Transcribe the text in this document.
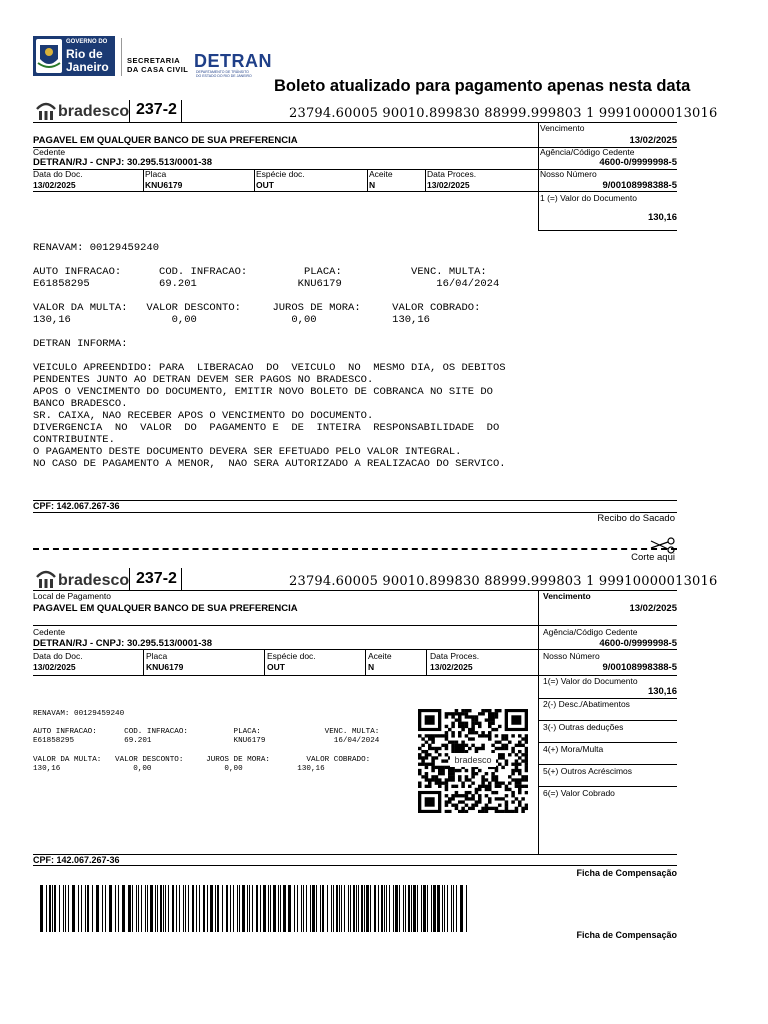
GOVERNO DO
Rio de
Janeiro SECRETARIA
DA CASA CIVIL DETRAN
DEPARTAMENTO DE TRÂNSITO
DO ESTADO DO RIO DE JANEIRO
Boleto atualizado para pagamento apenas nesta data
bradesco 237-2	23794.60005 90010.899830 88999.999803 1 99910000013016
Vencimento
13/02/2025
PAGAVEL EM QUALQUER BANCO DE SUA PREFERENCIA
Cedente	Agência/Código Cedente
DETRAN/RJ - CNPJ: 30.295.513/0001-38	4600-0/9999998-5
Data do Doc.	Placa	Espécie doc.	Aceite	Data Proces.	Nosso Número
13/02/2025	KNU6179	OUT	N	13/02/2025	9/00108998388-5
1 (=) Valor do Documento
130,16
RENAVAM: 00129459240
AUTO INFRACAO:      COD. INFRACAO:         PLACA:           VENC. MULTA:
E61858295           69.201                KNU6179               16/04/2024
VALOR DA MULTA:   VALOR DESCONTO:     JUROS DE MORA:     VALOR COBRADO:
130,16                0,00               0,00            130,16
DETRAN INFORMA:
VEICULO APREENDIDO: PARA  LIBERACAO  DO  VEICULO  NO  MESMO DIA, OS DEBITOS
PENDENTES JUNTO AO DETRAN DEVEM SER PAGOS NO BRADESCO.
APOS O VENCIMENTO DO DOCUMENTO, EMITIR NOVO BOLETO DE COBRANCA NO SITE DO
BANCO BRADESCO.
SR. CAIXA, NAO RECEBER APOS O VENCIMENTO DO DOCUMENTO.
DIVERGENCIA  NO  VALOR  DO  PAGAMENTO E  DE  INTEIRA  RESPONSABILIDADE  DO
CONTRIBUINTE.
O PAGAMENTO DESTE DOCUMENTO DEVERA SER EFETUADO PELO VALOR INTEGRAL.
NO CASO DE PAGAMENTO A MENOR,  NAO SERA AUTORIZADO A REALIZACAO DO SERVICO.
CPF: 142.067.267-36
Recibo do Sacado
Corte aqui
bradesco 237-2	23794.60005 90010.899830 88999.999803 1 99910000013016
Local de Pagamento	Vencimento
PAGAVEL EM QUALQUER BANCO DE SUA PREFERENCIA	13/02/2025
Cedente	Agência/Código Cedente
DETRAN/RJ - CNPJ: 30.295.513/0001-38	4600-0/9999998-5
Data do Doc.	Placa	Espécie doc.	Aceite	Data Proces.	Nosso Número
13/02/2025	KNU6179	OUT	N	13/02/2025	9/00108998388-5
1(=) Valor do Documento
130,16
2(-) Desc./Abatimentos
3(-) Outras deduções
4(+) Mora/Multa
5(+) Outros Acréscimos
6(=) Valor Cobrado
RENAVAM: 00129459240
AUTO INFRACAO:      COD. INFRACAO:          PLACA:              VENC. MULTA:
E61858295           69.201                  KNU6179               16/04/2024
VALOR DA MULTA:   VALOR DESCONTO:     JUROS DE MORA:        VALOR COBRADO:
130,16                0,00                0,00            130,16
bradesco
CPF: 142.067.267-36
Ficha de Compensação
Ficha de Compensação
